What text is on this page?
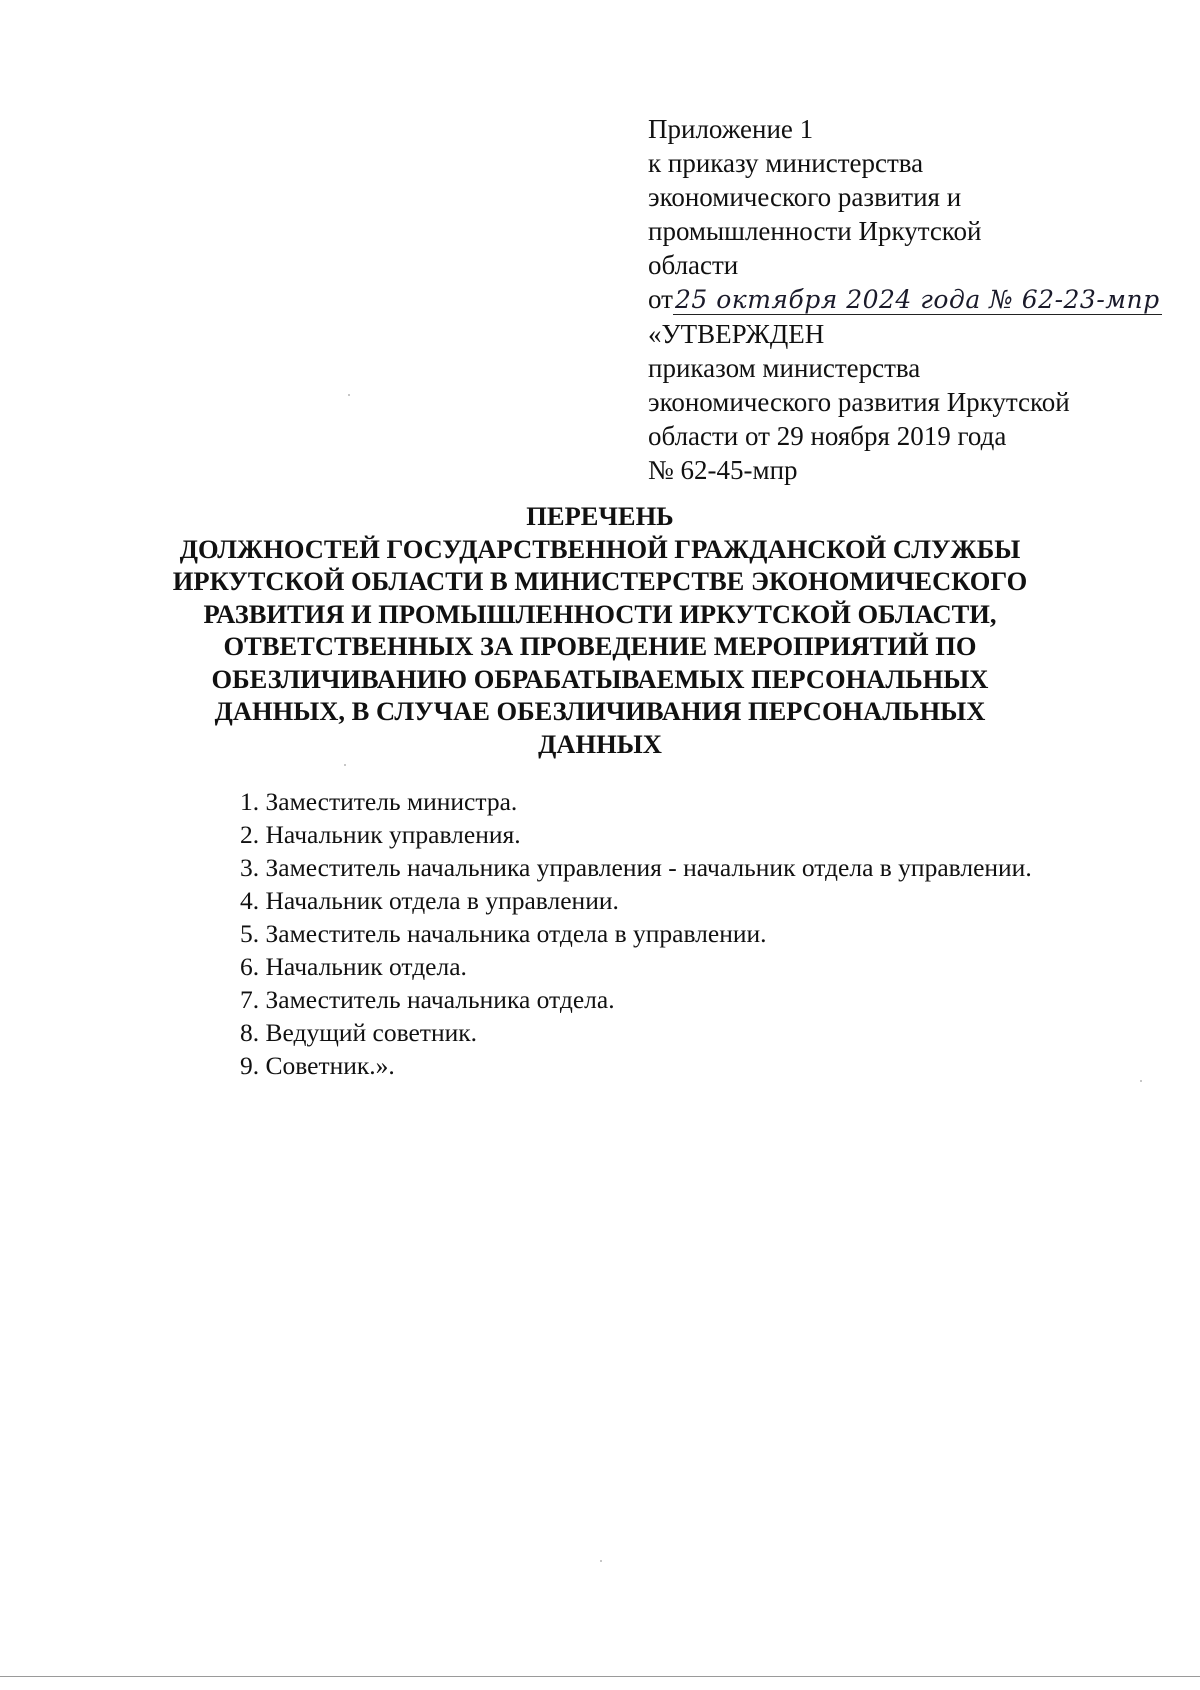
Приложение 1
к приказу министерства
экономического развития и
промышленности Иркутской
области
от25 октября 2024 года № 62-23-мпр
«УТВЕРЖДЕН
приказом министерства
экономического развития Иркутской
области от 29 ноября 2019 года
№ 62-45-мпр
ПЕРЕЧЕНЬ
ДОЛЖНОСТЕЙ ГОСУДАРСТВЕННОЙ ГРАЖДАНСКОЙ СЛУЖБЫ
ИРКУТСКОЙ ОБЛАСТИ В МИНИСТЕРСТВЕ ЭКОНОМИЧЕСКОГО
РАЗВИТИЯ И ПРОМЫШЛЕННОСТИ ИРКУТСКОЙ ОБЛАСТИ,
ОТВЕТСТВЕННЫХ ЗА ПРОВЕДЕНИЕ МЕРОПРИЯТИЙ ПО
ОБЕЗЛИЧИВАНИЮ ОБРАБАТЫВАЕМЫХ ПЕРСОНАЛЬНЫХ
ДАННЫХ, В СЛУЧАЕ ОБЕЗЛИЧИВАНИЯ ПЕРСОНАЛЬНЫХ
ДАННЫХ
1. Заместитель министра.
2. Начальник управления.
3. Заместитель начальника управления - начальник отдела в управлении.
4. Начальник отдела в управлении.
5. Заместитель начальника отдела в управлении.
6. Начальник отдела.
7. Заместитель начальника отдела.
8. Ведущий советник.
9. Советник.».
